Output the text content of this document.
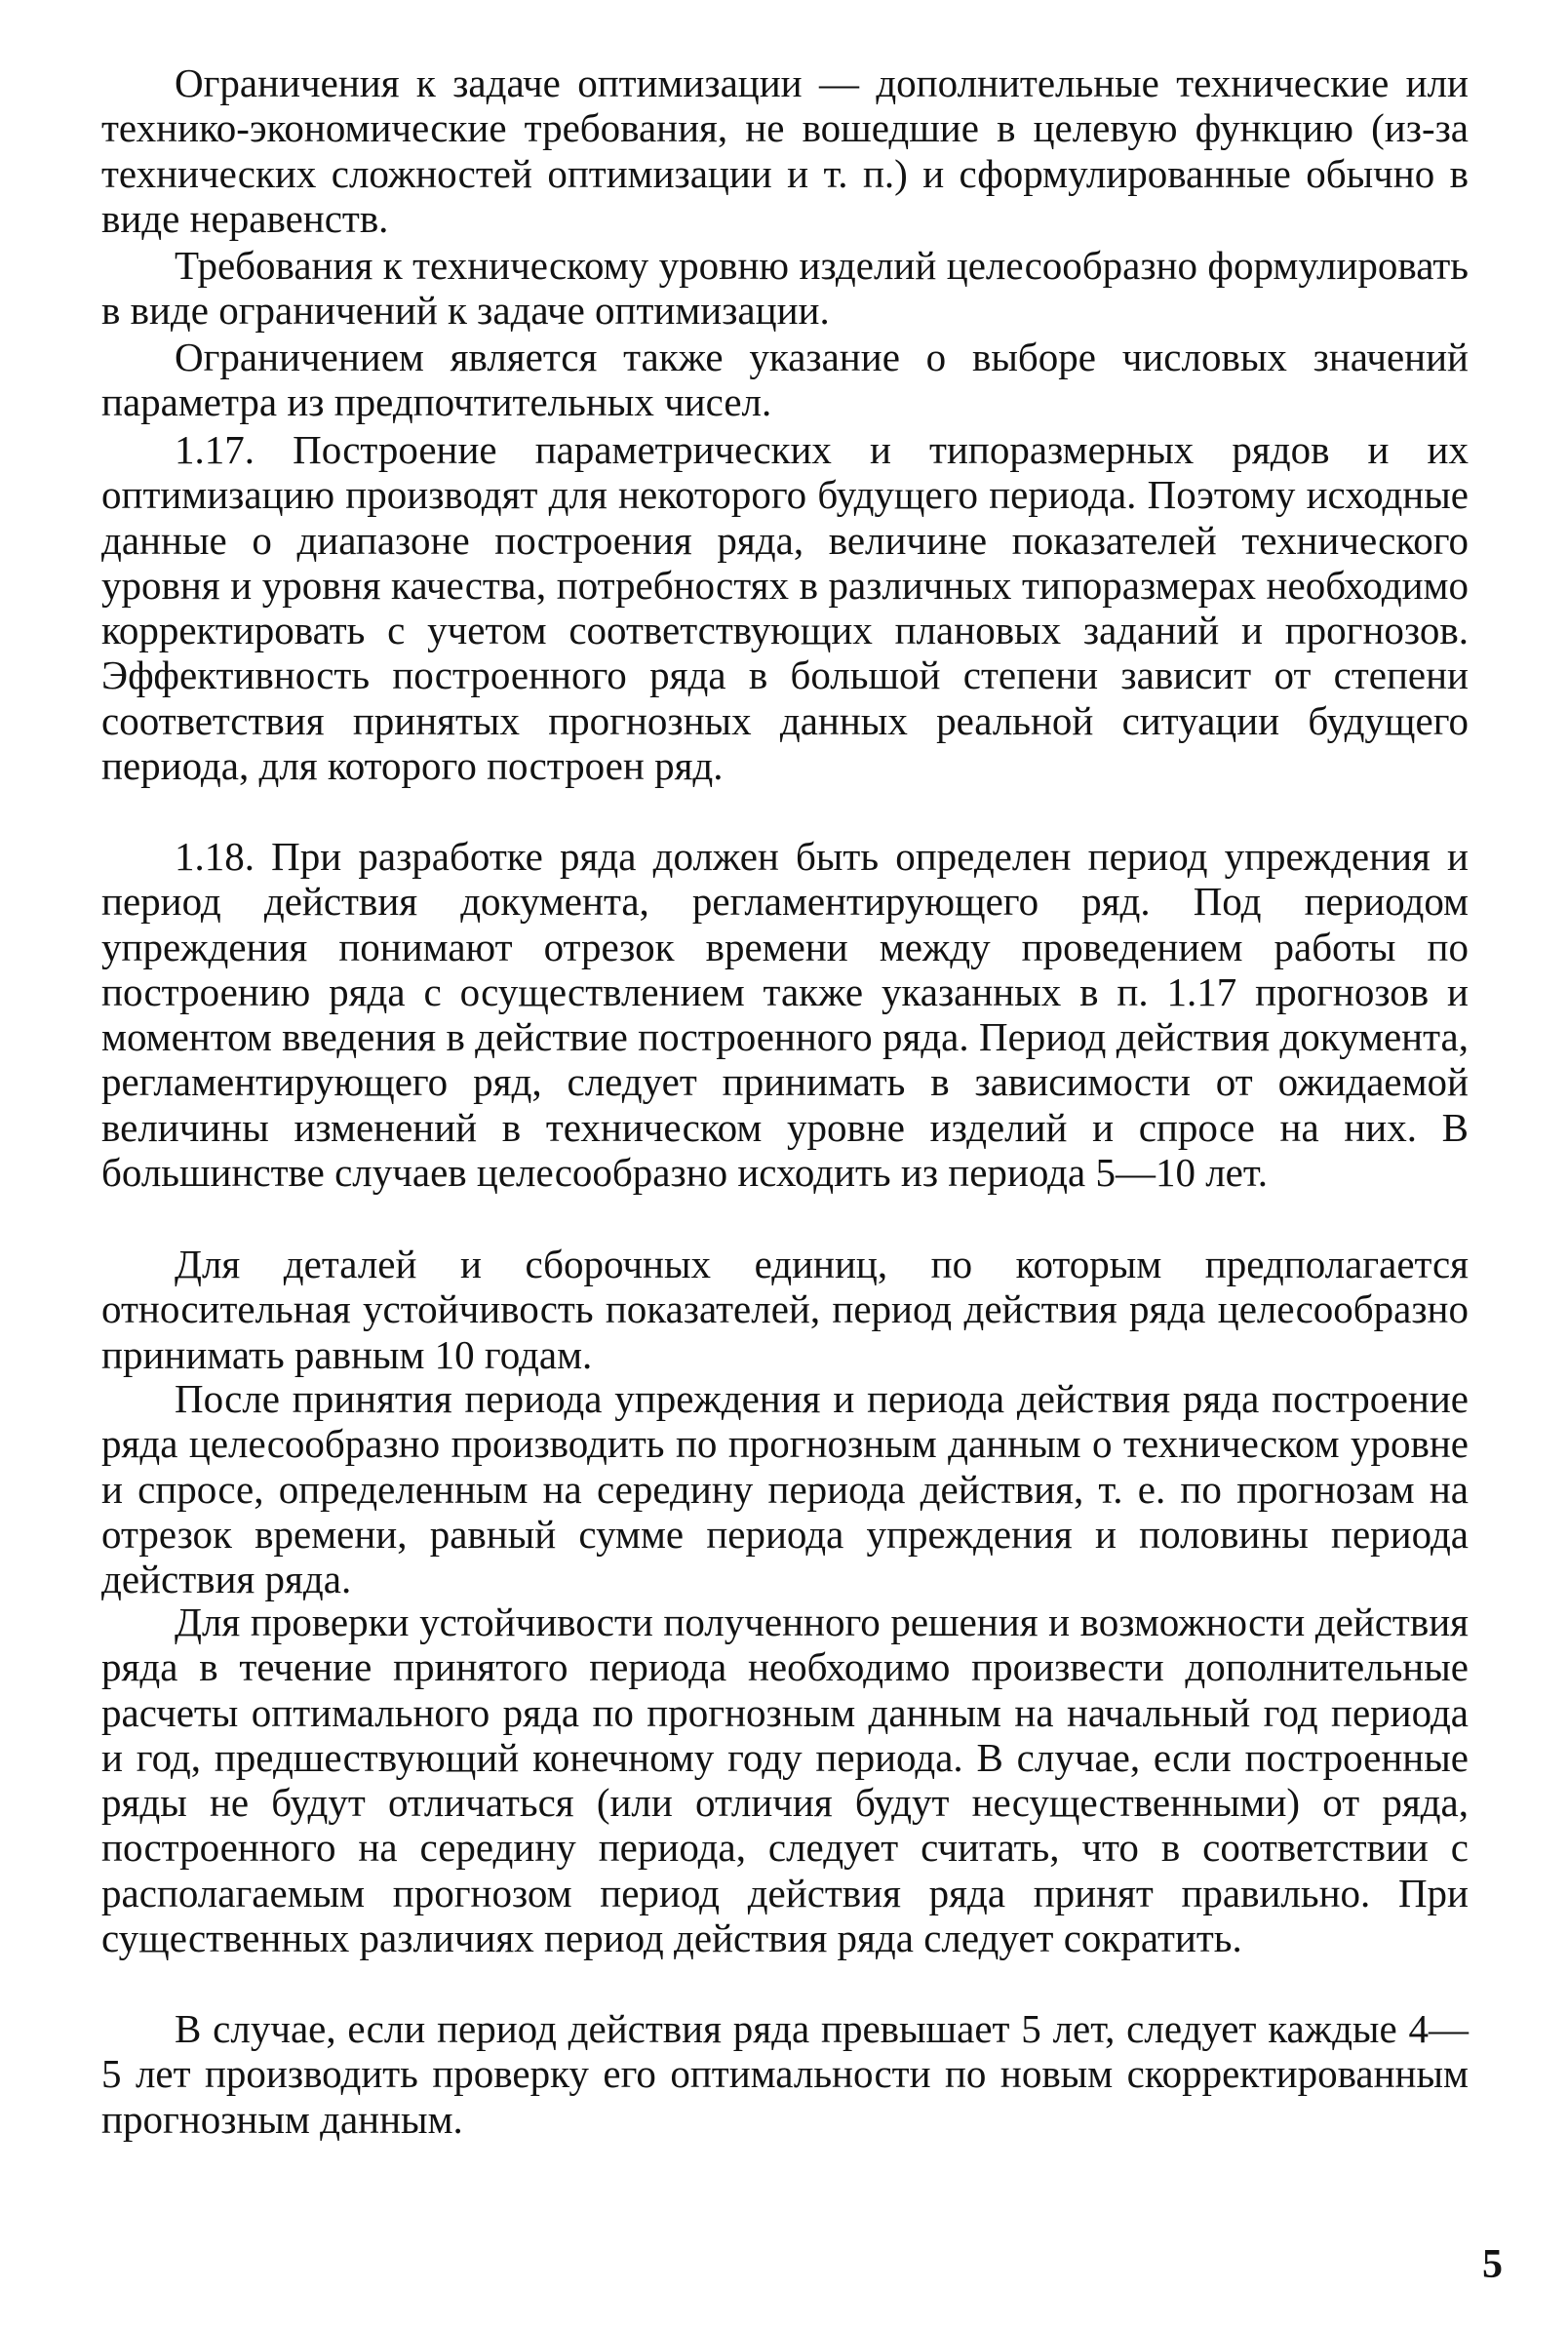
Ограничения к задаче оптимизации — дополнительные технические или технико-экономические требования, не вошедшие в целевую функцию (из-за технических сложностей оптимизации и т. п.) и сформулированные обычно в виде неравенств.

Требования к техническому уровню изделий целесообразно формулировать в виде ограничений к задаче оптимизации.

Ограничением является также указание о выборе числовых значений параметра из предпочтительных чисел.

1.17. Построение параметрических и типоразмерных рядов и их оптимизацию производят для некоторого будущего периода. Поэтому исходные данные о диапазоне построения ряда, величине показателей технического уровня и уровня качества, потребностях в различных типоразмерах необходимо корректировать с учетом соответствующих плановых заданий и прогнозов. Эффективность построенного ряда в большой степени зависит от степени соответствия принятых прогнозных данных реальной ситуации будущего периода, для которого построен ряд.

1.18. При разработке ряда должен быть определен период упреждения и период действия документа, регламентирующего ряд. Под периодом упреждения понимают отрезок времени между проведением работы по построению ряда с осуществлением также указанных в п. 1.17 прогнозов и моментом введения в действие построенного ряда. Период действия документа, регламентирующего ряд, следует принимать в зависимости от ожидаемой величины изменений в техническом уровне изделий и спросе на них. В большинстве случаев целесообразно исходить из периода 5—10 лет.

Для деталей и сборочных единиц, по которым предполагается относительная устойчивость показателей, период действия ряда целесообразно принимать равным 10 годам.

После принятия периода упреждения и периода действия ряда построение ряда целесообразно производить по прогнозным данным о техническом уровне и спросе, определенным на середину периода действия, т. е. по прогнозам на отрезок времени, равный сумме периода упреждения и половины периода действия ряда.

Для проверки устойчивости полученного решения и возможности действия ряда в течение принятого периода необходимо произвести дополнительные расчеты оптимального ряда по прогнозным данным на начальный год периода и год, предшествующий конечному году периода. В случае, если построенные ряды не будут отличаться (или отличия будут несущественными) от ряда, построенного на середину периода, следует считать, что в соответствии с располагаемым прогнозом период действия ряда принят правильно. При существенных различиях период действия ряда следует сократить.

В случае, если период действия ряда превышает 5 лет, следует каждые 4—5 лет производить проверку его оптимальности по новым скорректированным прогнозным данным.

5
